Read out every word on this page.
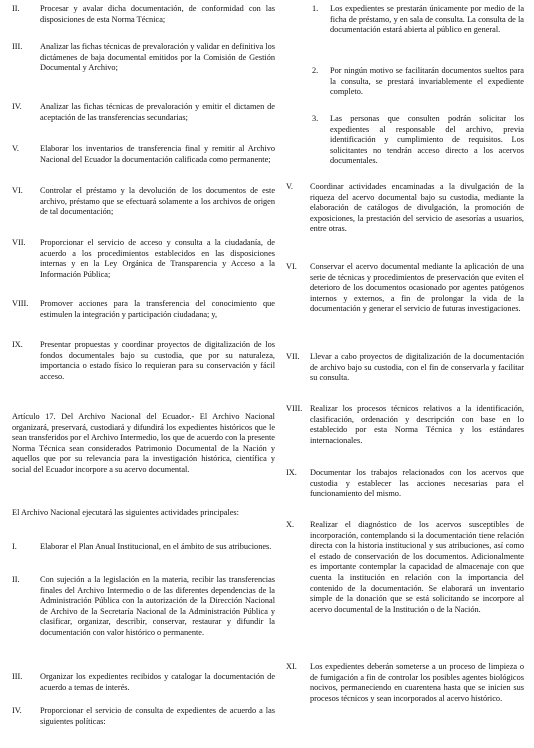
II.	Procesar y avalar dicha documentación, de conformidad con las disposiciones de esta Norma Técnica;
III.	Analizar las fichas técnicas de prevaloración y validar en definitiva los dictámenes de baja documental emitidos por la Comisión de Gestión Documental y Archivo;
IV.	Analizar las fichas técnicas de prevaloración y emitir el dictamen de aceptación de las transferencias secundarias;
V.	Elaborar los inventarios de transferencia final y remitir al Archivo Nacional del Ecuador la documentación calificada como permanente;
VI.	Controlar el préstamo y la devolución de los documentos de este archivo, préstamo que se efectuará solamente a los archivos de origen de tal documentación;
VII.	Proporcionar el servicio de acceso y consulta a la ciudadanía, de acuerdo a los procedimientos establecidos en las disposiciones internas y en la Ley Orgánica de Transparencia y Acceso a la Información Pública;
VIII.	Promover acciones para la transferencia del conocimiento que estimulen la integración y participación ciudadana; y,
IX.	Presentar propuestas y coordinar proyectos de digitalización de los fondos documentales bajo su custodia, que por su naturaleza, importancia o estado físico lo requieran para su conservación y fácil acceso.

Artículo 17. Del Archivo Nacional del Ecuador.- El Archivo Nacional organizará, preservará, custodiará y difundirá los expedientes históricos que le sean transferidos por el Archivo Intermedio, los que de acuerdo con la presente Norma Técnica sean considerados Patrimonio Documental de la Nación y aquellos que por su relevancia para la investigación histórica, científica y social del Ecuador incorpore a su acervo documental.

El Archivo Nacional ejecutará las siguientes actividades principales:

I.	Elaborar el Plan Anual Institucional, en el ámbito de sus atribuciones.
II.	Con sujeción a la legislación en la materia, recibir las transferencias finales del Archivo Intermedio o de las diferentes dependencias de la Administración Pública con la autorización de la Dirección Nacional de Archivo de la Secretaría Nacional de la Administración Pública y clasificar, organizar, describir, conservar, restaurar y difundir la documentación con valor histórico o permanente.
III.	Organizar los expedientes recibidos y catalogar la documentación de acuerdo a temas de interés.
IV.	Proporcionar el servicio de consulta de expedientes de acuerdo a las siguientes políticas:
1.	Los expedientes se prestarán únicamente por medio de la ficha de préstamo, y en sala de consulta. La consulta de la documentación estará abierta al público en general.
2.	Por ningún motivo se facilitarán documentos sueltos para la consulta, se prestará invariablemente el expediente completo.
3.	Las personas que consulten podrán solicitar los expedientes al responsable del archivo, previa identificación y cumplimiento de requisitos. Los solicitantes no tendrán acceso directo a los acervos documentales.
V.	Coordinar actividades encaminadas a la divulgación de la riqueza del acervo documental bajo su custodia, mediante la elaboración de catálogos de divulgación, la promoción de exposiciones, la prestación del servicio de asesorías a usuarios, entre otras.
VI.	Conservar el acervo documental mediante la aplicación de una serie de técnicas y procedimientos de preservación que eviten el deterioro de los documentos ocasionado por agentes patógenos internos y externos, a fin de prolongar la vida de la documentación y generar el servicio de futuras investigaciones.
VII.	Llevar a cabo proyectos de digitalización de la documentación de archivo bajo su custodia, con el fin de conservarla y facilitar su consulta.
VIII. Realizar los procesos técnicos relativos a la identificación, clasificación, ordenación y descripción con base en lo establecido por esta Norma Técnica y los estándares internacionales.
IX.	Documentar los trabajos relacionados con los acervos que custodia y establecer las acciones necesarias para el funcionamiento del mismo.
X.	Realizar el diagnóstico de los acervos susceptibles de incorporación, contemplando si la documentación tiene relación directa con la historia institucional y sus atribuciones, así como el estado de conservación de los documentos. Adicionalmente es importante contemplar la capacidad de almacenaje con que cuenta la institución en relación con la importancia del contenido de la documentación. Se elaborará un inventario simple de la donación que se está solicitando se incorpore al acervo documental de la Institución o de la Nación.
XI.	Los expedientes deberán someterse a un proceso de limpieza o de fumigación a fin de controlar los posibles agentes biológicos nocivos, permaneciendo en cuarentena hasta que se inicien sus procesos técnicos y sean incorporados al acervo histórico.
